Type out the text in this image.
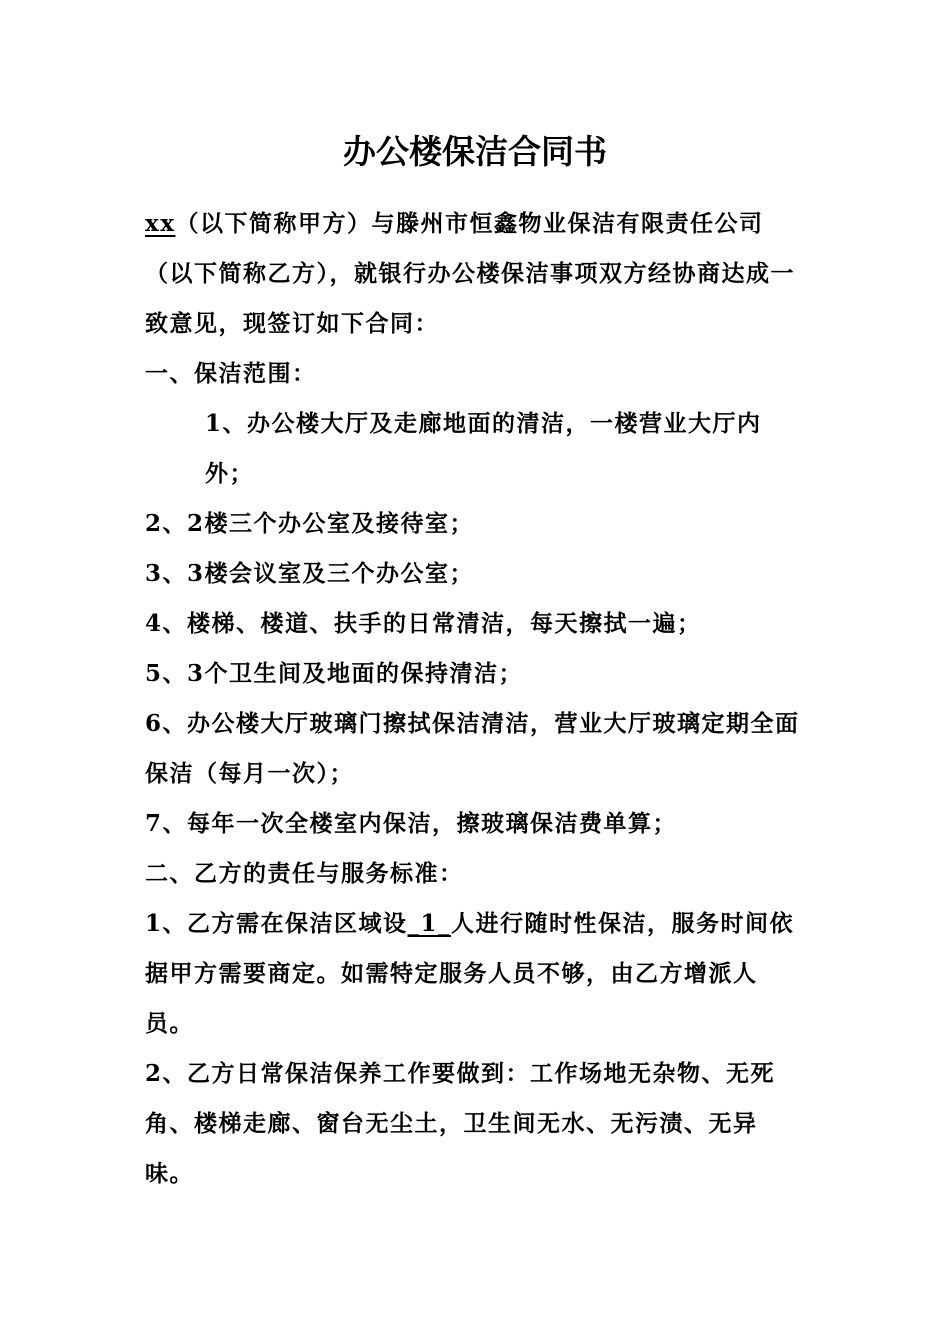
办公楼保洁合同书

xx（以下简称甲方）与滕州市恒鑫物业保洁有限责任公司（以下简称乙方），就银行办公楼保洁事项双方经协商达成一致意见，现签订如下合同：

一、保洁范围：

1、办公楼大厅及走廊地面的清洁，一楼营业大厅内外；

2、2楼三个办公室及接待室；

3、3楼会议室及三个办公室；

4、楼梯、楼道、扶手的日常清洁，每天擦拭一遍；

5、3个卫生间及地面的保持清洁；

6、办公楼大厅玻璃门擦拭保洁清洁，营业大厅玻璃定期全面保洁（每月一次）；

7、每年一次全楼室内保洁，擦玻璃保洁费单算；

二、乙方的责任与服务标准：

1、乙方需在保洁区域设_1_人进行随时性保洁，服务时间依据甲方需要商定。如需特定服务人员不够，由乙方增派人员。

2、乙方日常保洁保养工作要做到：工作场地无杂物、无死角、楼梯走廊、窗台无尘土，卫生间无水、无污渍、无异味。
